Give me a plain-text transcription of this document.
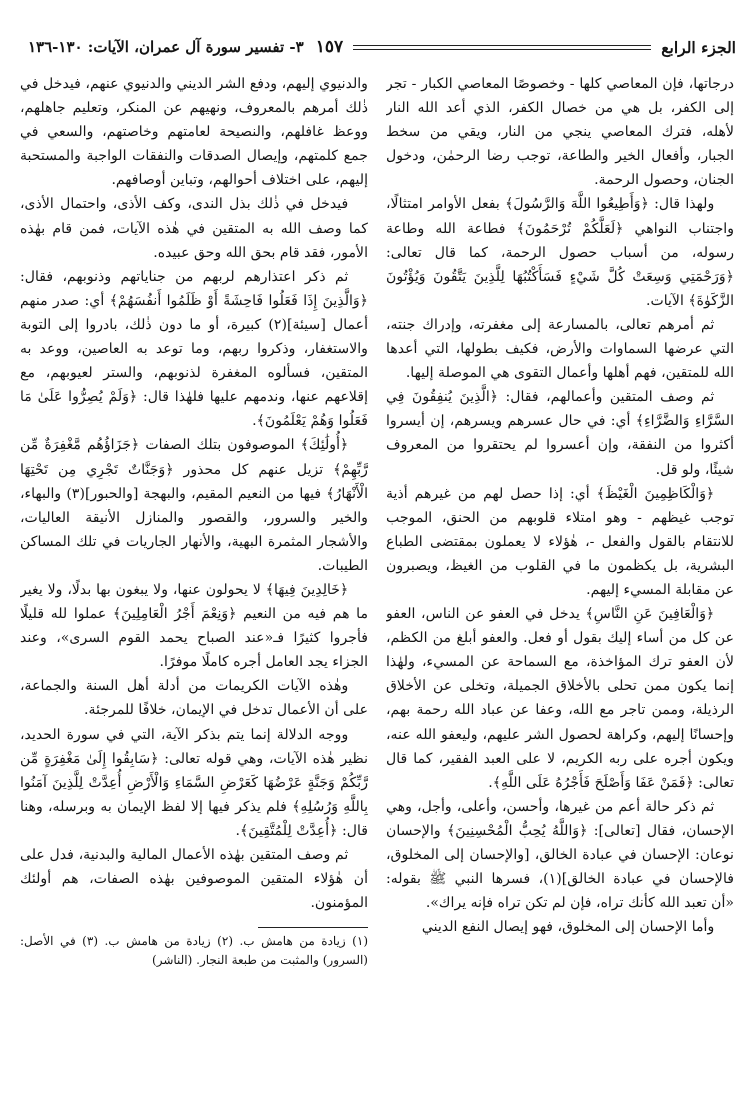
الجزء الرابع
١٥٧
٣- تفسير سورة آل عمران، الآيات: ١٣٠-١٣٦

درجاتها، فإن المعاصي كلها - وخصوصًا المعاصي الكبار - تجر إلى الكفر، بل هي من خصال الكفر، الذي أعد الله النار لأهله، فترك المعاصي ينجي من النار، ويقي من سخط الجبار، وأفعال الخير والطاعة، توجب رضا الرحمٰن، ودخول الجنان، وحصول الرحمة.

ولهذا قال: ﴿وَأَطِيعُوا اللَّهَ وَالرَّسُولَ﴾ بفعل الأوامر امتثالًا، واجتناب النواهي ﴿لَعَلَّكُمْ تُرْحَمُونَ﴾ فطاعة الله وطاعة رسوله، من أسباب حصول الرحمة، كما قال تعالى: ﴿وَرَحْمَتِي وَسِعَتْ كُلَّ شَيْءٍ فَسَأَكْتُبُهَا لِلَّذِينَ يَتَّقُونَ وَيُؤْتُونَ الزَّكَوٰةَ﴾ الآيات.

ثم أمرهم تعالى، بالمسارعة إلى مغفرته، وإدراك جنته، التي عرضها السماوات والأرض، فكيف بطولها، التي أعدها الله للمتقين، فهم أهلها وأعمال التقوى هي الموصلة إليها.

ثم وصف المتقين وأعمالهم، فقال: ﴿الَّذِينَ يُنفِقُونَ فِي السَّرَّاءِ وَالضَّرَّاءِ﴾ أي: في حال عسرهم ويسرهم، إن أيسروا أكثروا من النفقة، وإن أعسروا لم يحتقروا من المعروف شيئًا، ولو قل.

﴿وَالْكَاظِمِينَ الْغَيْظَ﴾ أي: إذا حصل لهم من غيرهم أذية توجب غيظهم - وهو امتلاء قلوبهم من الحنق، الموجب للانتقام بالقول والفعل -، هٰؤلاء لا يعملون بمقتضى الطباع البشرية، بل يكظمون ما في القلوب من الغيظ، ويصبرون عن مقابلة المسيء إليهم.

﴿وَالْعَافِينَ عَنِ النَّاسِ﴾ يدخل في العفو عن الناس، العفو عن كل من أساء إليك بقول أو فعل. والعفو أبلغ من الكظم، لأن العفو ترك المؤاخذة، مع السماحة عن المسيء، ولهٰذا إنما يكون ممن تحلى بالأخلاق الجميلة، وتخلى عن الأخلاق الرذيلة، وممن تاجر مع الله، وعفا عن عباد الله رحمة بهم، وإحسانًا إليهم، وكراهة لحصول الشر عليهم، وليعفو الله عنه، ويكون أجره على ربه الكريم، لا على العبد الفقير، كما قال تعالى: ﴿فَمَنْ عَفَا وَأَصْلَحَ فَأَجْرُهُ عَلَى اللَّهِ﴾.

ثم ذكر حالة أعم من غيرها، وأحسن، وأعلى، وأجل، وهي الإحسان، فقال [تعالى]: ﴿وَاللَّهُ يُحِبُّ الْمُحْسِنِينَ﴾ والإحسان نوعان: الإحسان في عبادة الخالق، [والإحسان إلى المخلوق، فالإحسان في عبادة الخالق](١)، فسرها النبي ﷺ بقوله: «أن تعبد الله كأنك تراه، فإن لم تكن تراه فإنه يراك».

وأما الإحسان إلى المخلوق، فهو إيصال النفع الديني

والدنيوي إليهم، ودفع الشر الديني والدنيوي عنهم، فيدخل في ذٰلك أمرهم بالمعروف، ونهيهم عن المنكر، وتعليم جاهلهم، ووعظ غافلهم، والنصيحة لعامتهم وخاصتهم، والسعي في جمع كلمتهم، وإيصال الصدقات والنفقات الواجبة والمستحبة إليهم، على اختلاف أحوالهم، وتباين أوصافهم.

فيدخل في ذٰلك بذل الندى، وكف الأذى، واحتمال الأذى، كما وصف الله به المتقين في هٰذه الآيات، فمن قام بهٰذه الأمور، فقد قام بحق الله وحق عبيده.

ثم ذكر اعتذارهم لربهم من جناياتهم وذنوبهم، فقال: ﴿وَالَّذِينَ إِذَا فَعَلُوا فَاحِشَةً أَوْ ظَلَمُوا أَنفُسَهُمْ﴾ أي: صدر منهم أعمال [سيئة](٢) كبيرة، أو ما دون ذٰلك، بادروا إلى التوبة والاستغفار، وذكروا ربهم، وما توعد به العاصين، ووعد به المتقين، فسألوه المغفرة لذنوبهم، والستر لعيوبهم، مع إقلاعهم عنها، وندمهم عليها فلهٰذا قال: ﴿وَلَمْ يُصِرُّوا عَلَىٰ مَا فَعَلُوا وَهُمْ يَعْلَمُونَ﴾.

﴿أُولَٰئِكَ﴾ الموصوفون بتلك الصفات ﴿جَزَاؤُهُم مَّغْفِرَةٌ مِّن رَّبِّهِمْ﴾ تزيل عنهم كل محذور ﴿وَجَنَّاتٌ تَجْرِي مِن تَحْتِهَا الْأَنْهَارُ﴾ فيها من النعيم المقيم، والبهجة [والحبور](٣) والبهاء، والخير والسرور، والقصور والمنازل الأنيقة العاليات، والأشجار المثمرة البهية، والأنهار الجاريات في تلك المساكن الطيبات.

﴿خَالِدِينَ فِيهَا﴾ لا يحولون عنها، ولا يبغون بها بدلًا، ولا يغير ما هم فيه من النعيم ﴿وَنِعْمَ أَجْرُ الْعَامِلِينَ﴾ عملوا لله قليلًا فأجروا كثيرًا فـ«عند الصباح يحمد القوم السرى»، وعند الجزاء يجد العامل أجره كاملًا موفرًا.

وهٰذه الآيات الكريمات من أدلة أهل السنة والجماعة، على أن الأعمال تدخل في الإيمان، خلافًا للمرجئة.

ووجه الدلالة إنما يتم بذكر الآية، التي في سورة الحديد، نظير هٰذه الآيات، وهي قوله تعالى: ﴿سَابِقُوا إِلَىٰ مَغْفِرَةٍ مِّن رَّبِّكُمْ وَجَنَّةٍ عَرْضُهَا كَعَرْضِ السَّمَاءِ وَالْأَرْضِ أُعِدَّتْ لِلَّذِينَ آمَنُوا بِاللَّهِ وَرُسُلِهِ﴾ فلم يذكر فيها إلا لفظ الإيمان به وبرسله، وهنا قال: ﴿أُعِدَّتْ لِلْمُتَّقِينَ﴾.

ثم وصف المتقين بهٰذه الأعمال المالية والبدنية، فدل على أن هٰؤلاء المتقين الموصوفين بهٰذه الصفات، هم أولئك المؤمنون.

(١) زيادة من هامش ب. (٢) زيادة من هامش ب. (٣) في الأصل: (السرور) والمثبت من طبعة النجار. (الناشر)
